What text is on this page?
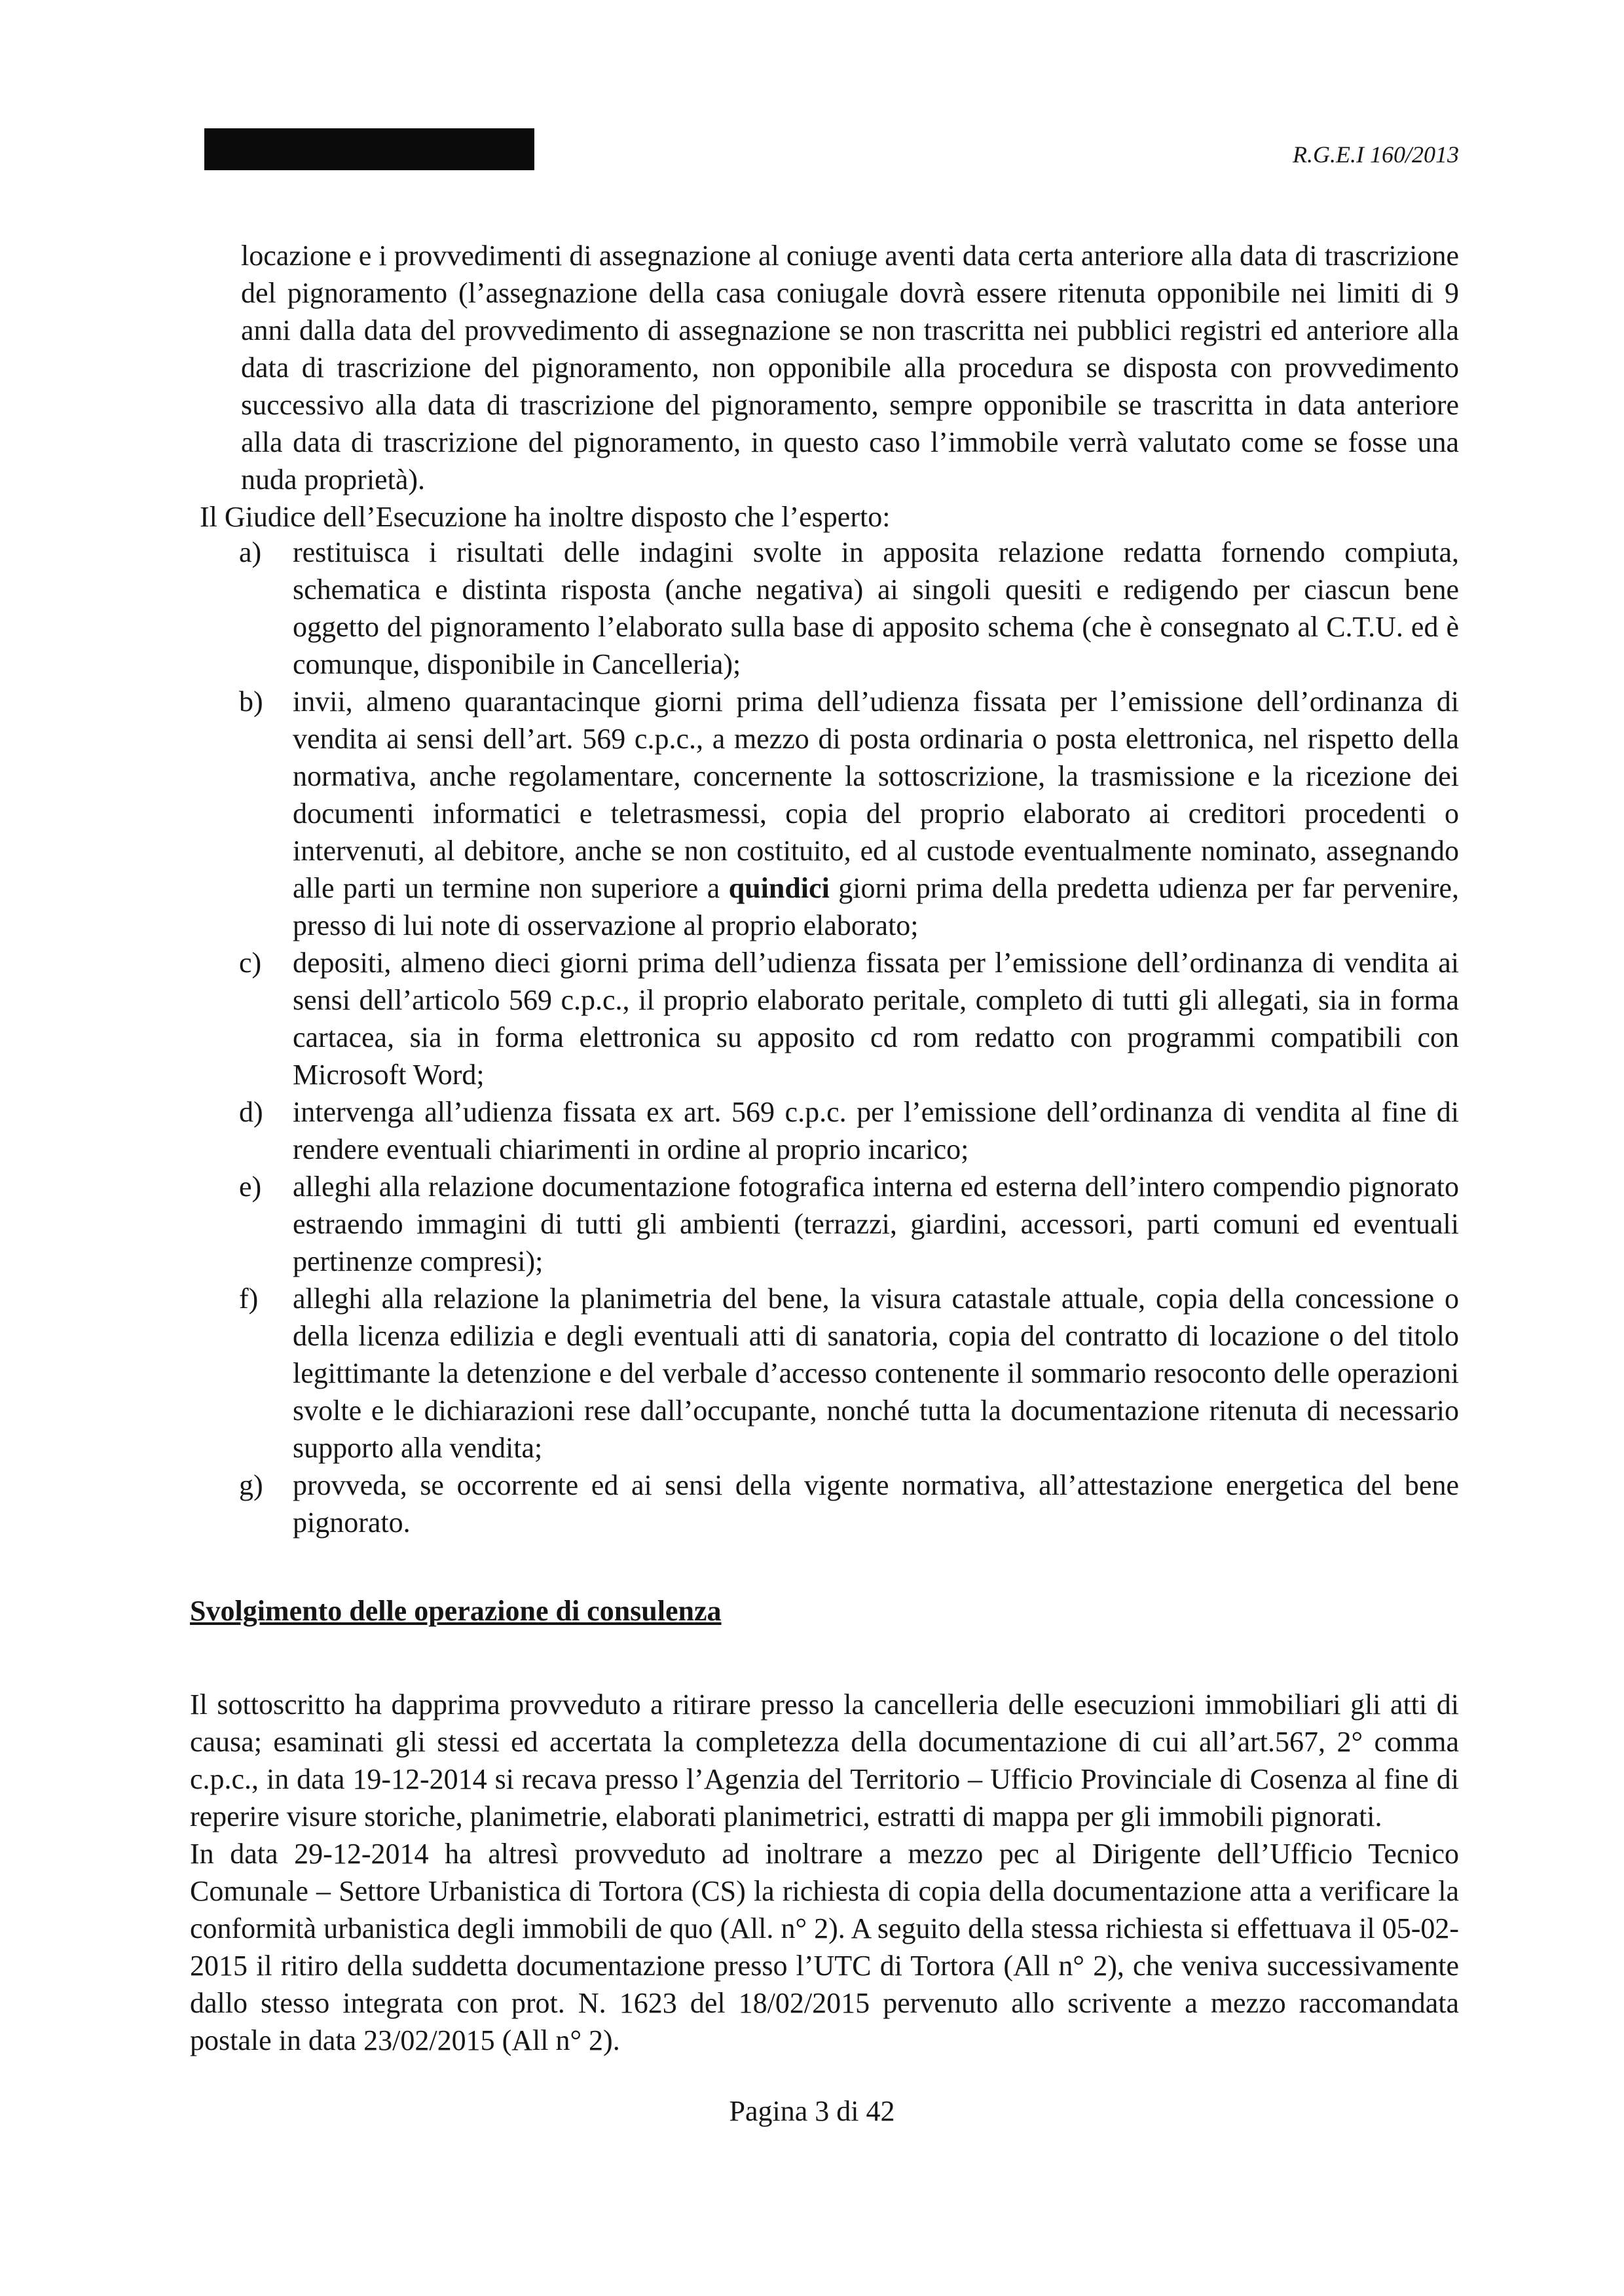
R.G.E.I 160/2013

locazione e i provvedimenti di assegnazione al coniuge aventi data certa anteriore alla data di trascrizione del pignoramento (l’assegnazione della casa coniugale dovrà essere ritenuta opponibile nei limiti di 9 anni dalla data del provvedimento di assegnazione se non trascritta nei pubblici registri ed anteriore alla data di trascrizione del pignoramento, non opponibile alla procedura se disposta con provvedimento successivo alla data di trascrizione del pignoramento, sempre opponibile se trascritta in data anteriore alla data di trascrizione del pignoramento, in questo caso l’immobile verrà valutato come se fosse una nuda proprietà).

Il Giudice dell’Esecuzione ha inoltre disposto che l’esperto:
a) restituisca i risultati delle indagini svolte in apposita relazione redatta fornendo compiuta, schematica e distinta risposta (anche negativa) ai singoli quesiti e redigendo per ciascun bene oggetto del pignoramento l’elaborato sulla base di apposito schema (che è consegnato al C.T.U. ed è comunque, disponibile in Cancelleria);
b) invii, almeno quarantacinque giorni prima dell’udienza fissata per l’emissione dell’ordinanza di vendita ai sensi dell’art. 569 c.p.c., a mezzo di posta ordinaria o posta elettronica, nel rispetto della normativa, anche regolamentare, concernente la sottoscrizione, la trasmissione e la ricezione dei documenti informatici e teletrasmessi, copia del proprio elaborato ai creditori procedenti o intervenuti, al debitore, anche se non costituito, ed al custode eventualmente nominato, assegnando alle parti un termine non superiore a quindici giorni prima della predetta udienza per far pervenire, presso di lui note di osservazione al proprio elaborato;
c) depositi, almeno dieci giorni prima dell’udienza fissata per l’emissione dell’ordinanza di vendita ai sensi dell’articolo 569 c.p.c., il proprio elaborato peritale, completo di tutti gli allegati, sia in forma cartacea, sia in forma elettronica su apposito cd rom redatto con programmi compatibili con Microsoft Word;
d) intervenga all’udienza fissata ex art. 569 c.p.c. per l’emissione dell’ordinanza di vendita al fine di rendere eventuali chiarimenti in ordine al proprio incarico;
e) alleghi alla relazione documentazione fotografica interna ed esterna dell’intero compendio pignorato estraendo immagini di tutti gli ambienti (terrazzi, giardini, accessori, parti comuni ed eventuali pertinenze compresi);
f) alleghi alla relazione la planimetria del bene, la visura catastale attuale, copia della concessione o della licenza edilizia e degli eventuali atti di sanatoria, copia del contratto di locazione o del titolo legittimante la detenzione e del verbale d’accesso contenente il sommario resoconto delle operazioni svolte e le dichiarazioni rese dall’occupante, nonché tutta la documentazione ritenuta di necessario supporto alla vendita;
g) provveda, se occorrente ed ai sensi della vigente normativa, all’attestazione energetica del bene pignorato.
Svolgimento delle operazione di consulenza

Il sottoscritto ha dapprima provveduto a ritirare presso la cancelleria delle esecuzioni immobiliari gli atti di causa; esaminati gli stessi ed accertata la completezza della documentazione di cui all’art.567, 2° comma c.p.c., in data 19-12-2014 si recava presso l’Agenzia del Territorio – Ufficio Provinciale di Cosenza al fine di reperire visure storiche, planimetrie, elaborati planimetrici, estratti di mappa per gli immobili pignorati.

In data 29-12-2014 ha altresì provveduto ad inoltrare a mezzo pec al Dirigente dell’Ufficio Tecnico Comunale – Settore Urbanistica di Tortora (CS) la richiesta di copia della documentazione atta a verificare la conformità urbanistica degli immobili de quo (All. n° 2). A seguito della stessa richiesta si effettuava il 05-02-2015 il ritiro della suddetta documentazione presso l’UTC di Tortora (All n° 2), che veniva successivamente dallo stesso integrata con prot. N. 1623 del 18/02/2015 pervenuto allo scrivente a mezzo raccomandata postale in data 23/02/2015 (All n° 2).

Pagina 3 di 42
